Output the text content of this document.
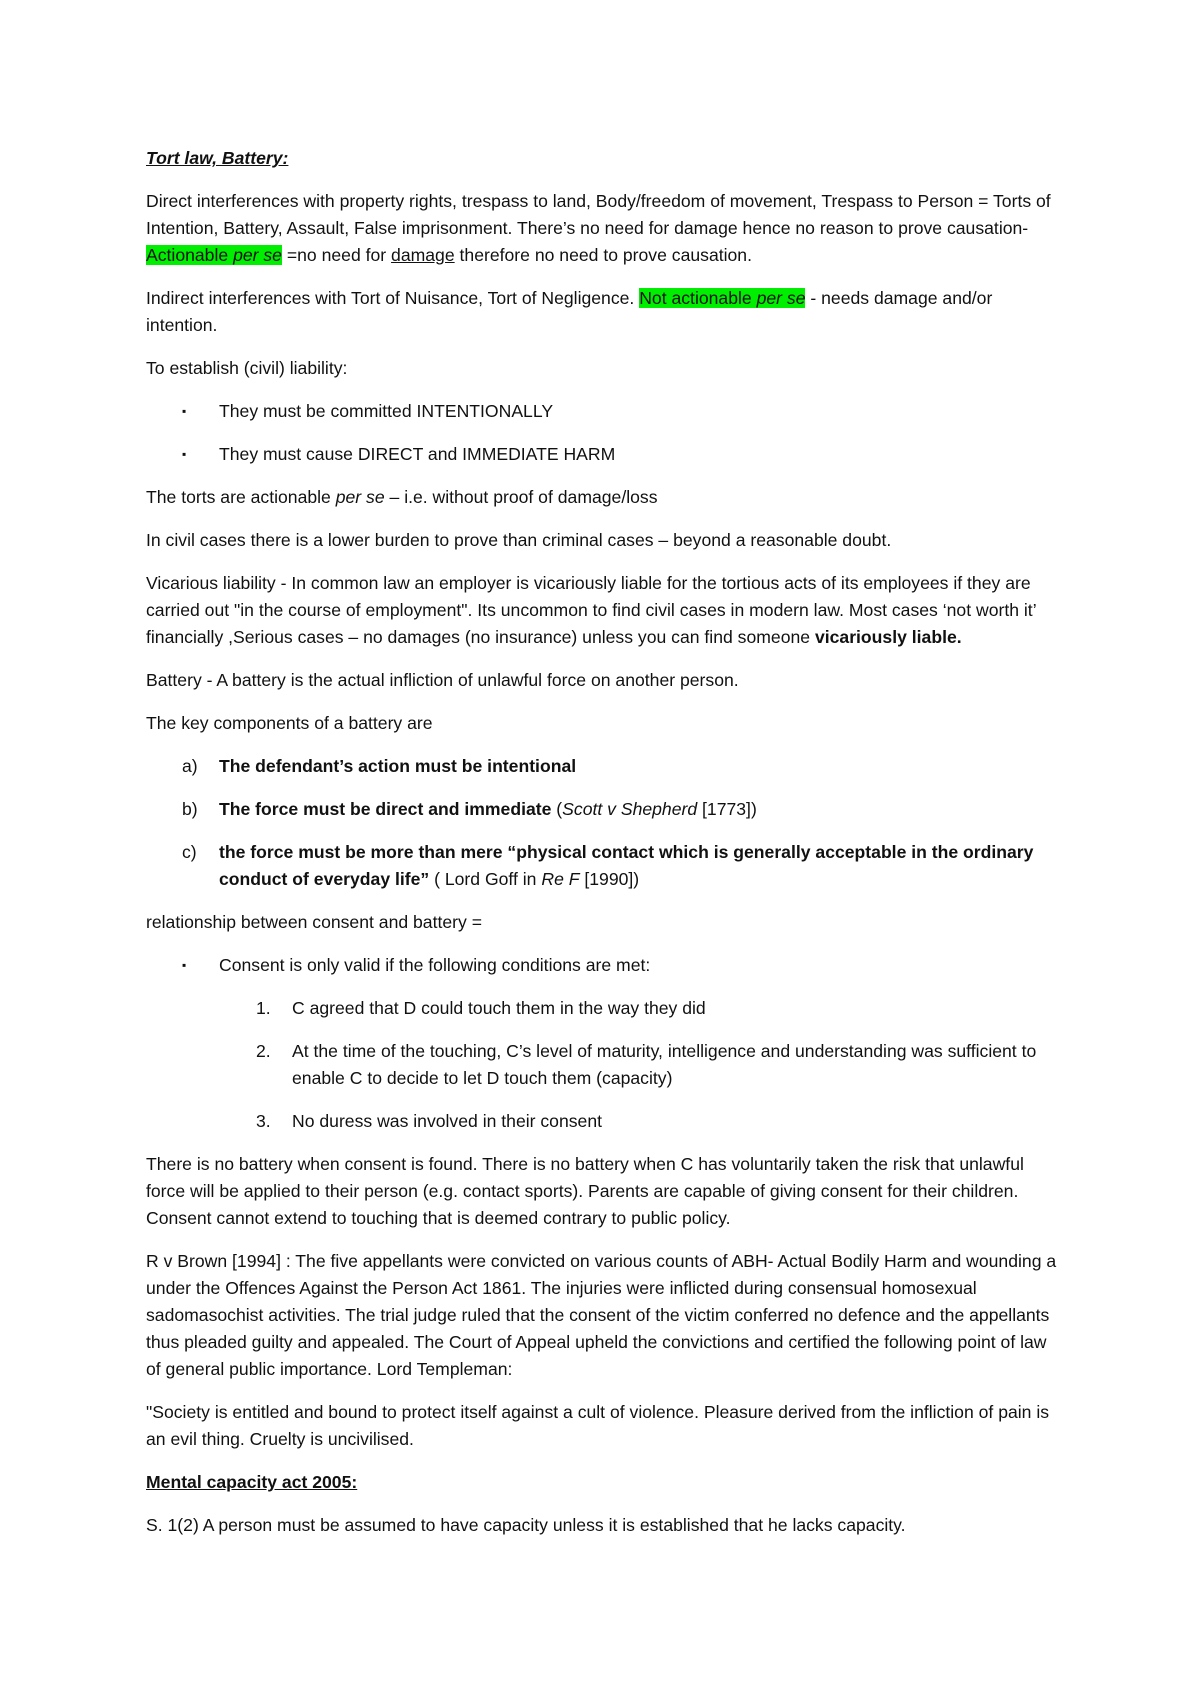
Tort law, Battery:

Direct interferences with property rights, trespass to land, Body/freedom of movement, Trespass to Person = Torts of Intention, Battery, Assault, False imprisonment. There’s no need for damage hence no reason to prove causation- Actionable per se =no need for damage therefore no need to prove causation.

Indirect interferences with Tort of Nuisance, Tort of Negligence. Not actionable per se - needs damage and/or intention.

To establish (civil) liability:

▪ They must be committed INTENTIONALLY
▪ They must cause DIRECT and IMMEDIATE HARM

The torts are actionable per se – i.e. without proof of damage/loss

In civil cases there is a lower burden to prove than criminal cases – beyond a reasonable doubt.

Vicarious liability - In common law an employer is vicariously liable for the tortious acts of its employees if they are carried out "in the course of employment". Its uncommon to find civil cases in modern law. Most cases ‘not worth it’ financially ,Serious cases – no damages (no insurance) unless you can find someone vicariously liable.

Battery - A battery is the actual infliction of unlawful force on another person.

The key components of a battery are

a) The defendant’s action must be intentional
b) The force must be direct and immediate (Scott v Shepherd [1773])
c) the force must be more than mere “physical contact which is generally acceptable in the ordinary conduct of everyday life” ( Lord Goff in Re F [1990])

relationship between consent and battery =

▪ Consent is only valid if the following conditions are met:
1. C agreed that D could touch them in the way they did
2. At the time of the touching, C’s level of maturity, intelligence and understanding was sufficient to enable C to decide to let D touch them (capacity)
3. No duress was involved in their consent

There is no battery when consent is found. There is no battery when C has voluntarily taken the risk that unlawful force will be applied to their person (e.g. contact sports). Parents are capable of giving consent for their children. Consent cannot extend to touching that is deemed contrary to public policy.

R v Brown [1994] : The five appellants were convicted on various counts of ABH- Actual Bodily Harm and wounding a under the Offences Against the Person Act 1861. The injuries were inflicted during consensual homosexual sadomasochist activities. The trial judge ruled that the consent of the victim conferred no defence and the appellants thus pleaded guilty and appealed. The Court of Appeal upheld the convictions and certified the following point of law of general public importance. Lord Templeman:

"Society is entitled and bound to protect itself against a cult of violence. Pleasure derived from the infliction of pain is an evil thing. Cruelty is uncivilised.

Mental capacity act 2005:

S. 1(2) A person must be assumed to have capacity unless it is established that he lacks capacity.
